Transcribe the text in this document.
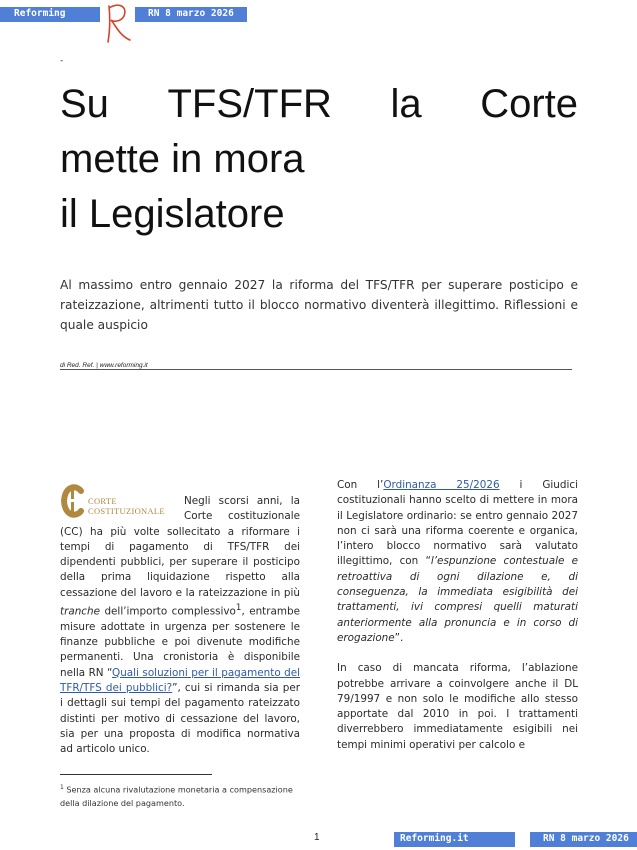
Reforming	RN 8 marzo 2026
-
Su TFS/TFR la Corte
mette in mora
il Legislatore

Al massimo entro gennaio 2027 la riforma del TFS/TFR per superare posticipo e rateizzazione, altrimenti tutto il blocco normativo diventerà illegittimo. Riflessioni e quale auspicio

di Red. Ref. | www.reforming.it
CORTE
COSTITUZIONALE

Negli scorsi anni, la Corte costituzionale (CC) ha più volte sollecitato a riformare i tempi di pagamento di TFS/TFR dei dipendenti pubblici, per superare il posticipo della prima liquidazione rispetto alla cessazione del lavoro e la rateizzazione in più tranche dell’importo complessivo$^1$, entrambe misure adottate in urgenza per sostenere le finanze pubbliche e poi divenute modifiche permanenti. Una cronistoria è disponibile nella RN “Quali soluzioni per il pagamento del TFR/TFS dei pubblici?”, cui si rimanda sia per i dettagli sui tempi del pagamento rateizzato distinti per motivo di cessazione del lavoro, sia per una proposta di modifica normativa ad articolo unico.

Con l’Ordinanza 25/2026 i Giudici costituzionali hanno scelto di mettere in mora il Legislatore ordinario: se entro gennaio 2027 non ci sarà una riforma coerente e organica, l’intero blocco normativo sarà valutato illegittimo, con “l’espunzione contestuale e retroattiva di ogni dilazione e, di conseguenza, la immediata esigibilità dei trattamenti, ivi compresi quelli maturati anteriormente alla pronuncia e in corso di erogazione”.

In caso di mancata riforma, l’ablazione potrebbe arrivare a coinvolgere anche il DL 79/1997 e non solo le modifiche allo stesso apportate dal 2010 in poi. I trattamenti diverrebbero immediatamente esigibili nei tempi minimi operativi per calcolo e

$^1$ Senza alcuna rivalutazione monetaria a compensazione della dilazione del pagamento.

1	Reforming.it	RN 8 marzo 2026
